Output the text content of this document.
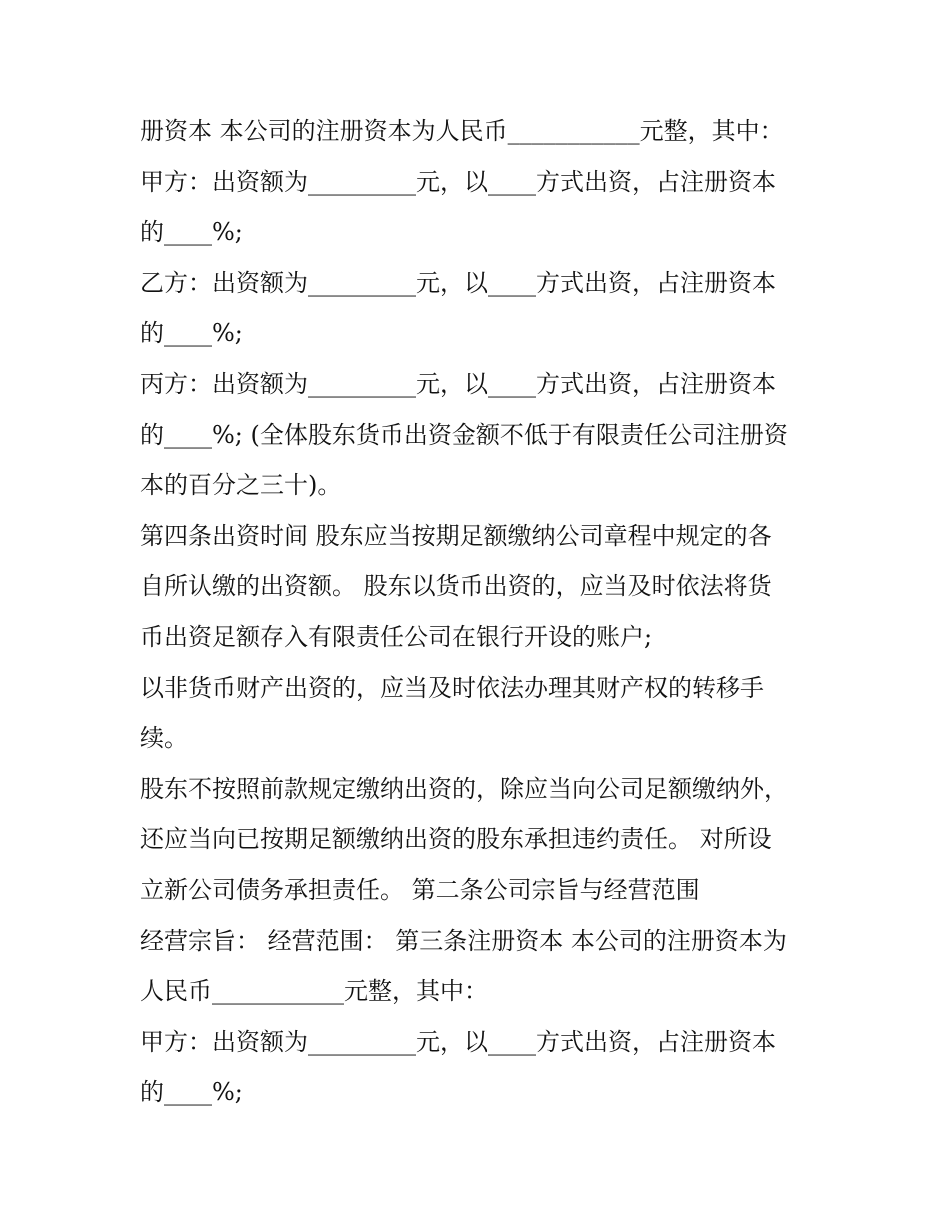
册资本 本公司的注册资本为人民币___________元整，其中：
甲方：出资额为_________元，以____方式出资，占注册资本
的____%;
乙方：出资额为_________元，以____方式出资，占注册资本
的____%;
丙方：出资额为_________元，以____方式出资，占注册资本
的____%; (全体股东货币出资金额不低于有限责任公司注册资
本的百分之三十)。
第四条出资时间 股东应当按期足额缴纳公司章程中规定的各
自所认缴的出资额。 股东以货币出资的，应当及时依法将货
币出资足额存入有限责任公司在银行开设的账户;
以非货币财产出资的，应当及时依法办理其财产权的转移手
续。
股东不按照前款规定缴纳出资的，除应当向公司足额缴纳外，
还应当向已按期足额缴纳出资的股东承担违约责任。 对所设
立新公司债务承担责任。 第二条公司宗旨与经营范围
经营宗旨： 经营范围： 第三条注册资本 本公司的注册资本为
人民币___________元整，其中：
甲方：出资额为_________元，以____方式出资，占注册资本
的____%;
